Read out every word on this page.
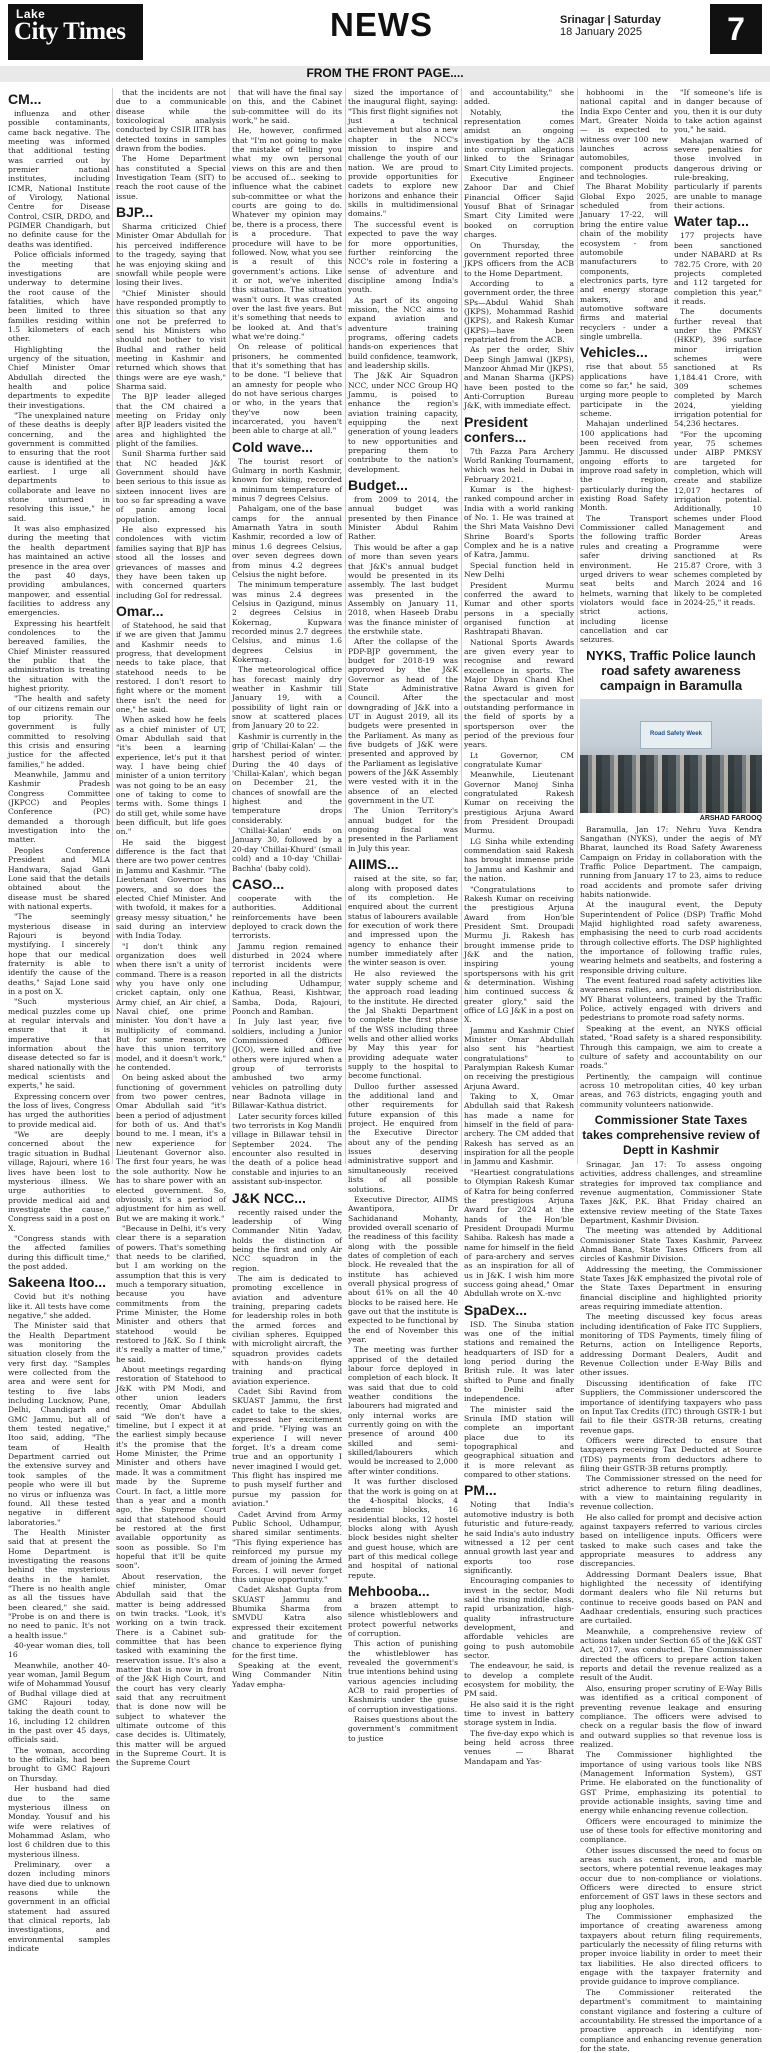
Lake
City Times	NEWS	Srinagar | Saturday
18 January 2025	7
FROM THE FRONT PAGE....
CM...

influenza and other possible contaminants, came back negative. The meeting was informed that additional testing was carried out by premier national institutes, including ICMR, National Institute of Virology, National Centre for Disease Control, CSIR, DRDO, and PGIMER Chandigarh, but no definite cause for the deaths was identified.

Police officials informed the meeting that investigations are underway to determine the root cause of the fatalities, which have been limited to three families residing within 1.5 kilometers of each other.

Highlighting the urgency of the situation, Chief Minister Omar Abdullah directed the health and police departments to expedite their investigations.

"The unexplained nature of these deaths is deeply concerning, and the government is committed to ensuring that the root cause is identified at the earliest. I urge all departments to collaborate and leave no stone unturned in resolving this issue," he said.

It was also emphasized during the meeting that the health department has maintained an active presence in the area over the past 40 days, providing ambulances, manpower, and essential facilities to address any emergencies.

Expressing his heartfelt condolences to the bereaved families, the Chief Minister reassured the public that the administration is treating the situation with the highest priority.

"The health and safety of our citizens remain our top priority. The government is fully committed to resolving this crisis and ensuring justice for the affected families," he added.

Meanwhile, Jammu and Kashmir Pradesh Congress Committee (JKPCC) and Peoples Conference (PC) demanded a thorough investigation into the matter.

Peoples Conference President and MLA Handwara, Sajad Gani Lone said that the details obtained about the disease must be shared with national experts.

"The seemingly mysterious disease in Rajouri is beyond mystifying. I sincerely hope that our medical fraternity is able to identify the cause of the deaths," Sajad Lone said in a post on X.

"Such mysterious medical puzzles come up at regular intervals and ensure that it is imperative that information about the disease detected so far is shared nationally with the medical scientists and experts," he said.

Expressing concern over the loss of lives, Congress has urged the authorities to provide medical aid.

"We are deeply concerned about the tragic situation in Budhal village, Rajouri, where 16 lives have been lost to mysterious illness. We urge authorities to provide medical aid and investigate the cause," Congress said in a post on X.

"Congress stands with the affected families during this difficult time," the post added.

Sakeena Itoo...

Covid but it's nothing like it. All tests have come negative," she added.

The Minister said that the Health Department was monitoring the situation closely from the very first day. "Samples were collected from the area and were sent for testing to five labs including Lucknow, Pune, Delhi, Chandigarh and GMC Jammu, but all of them tested negative," Itoo said, adding, "The team of Health Department carried out the extensive survey and took samples of the people who were ill but no virus or influenza was found. All these tested negative in different laboratories."

The Health Minister said that at present the Home Department is investigating the reasons behind the mysterious deaths in the hamlet. "There is no health angle as all the tissues have been cleared," she said. "Probe is on and there is no need to panic. It's not a health issue."

40-year woman dies, toll 16

Meanwhile, another 40-year woman, Jamil Begum wife of Mohammad Yousuf of Budhal village died at GMC Rajouri today, taking the death count to 16, including 12 children in the past over 45 days, officials said.

The woman, according to the officials, had been brought to GMC Rajouri on Thursday.

Her husband had died due to the same mysterious illness on Monday. Yousuf and his wife were relatives of Mohammad Aslam, who lost 6 children due to this mysterious illness.

Preliminary, over a dozen including minors have died due to unknown reasons while the government in an official statement had assured that clinical reports, lab investigations, and environmental samples indicate

that the incidents are not due to a communicable disease while the toxicological analysis conducted by CSIR IITR has detected toxins in samples drawn from the bodies.

The Home Department has constituted a Special Investigation Team (SIT) to reach the root cause of the issue.

BJP...

Sharma criticized Chief Minister Omar Abdullah for his perceived indifference to the tragedy, saying that he was enjoying skiing and snowfall while people were losing their lives.

"Chief Minister should have responded promptly to this situation so that any one not be preferred to send his Ministers who should not bother to visit Budhal and rather held meeting in Kashmir and returned which shows that things were are eye wash," Sharma said.

The BJP leader alleged that the CM chaired a meeting on Friday only after BJP leaders visited the area and highlighted the plight of the families.

Sunil Sharma further said that NC headed J&K Government should have been serious to this issue as sixteen innocent lives are too so far spreading a wave of panic among local population.

He also expressed his condolences with victim families saying that BJP has stood all the losses and grievances of masses and they have been taken up with concerned quarters including GoI for redressal.

Omar...

of Statehood, he said that if we are given that Jammu and Kashmir needs to progress, that development needs to take place, that statehood needs to be restored. I don't resort to fight where or the moment there isn't the need for one," he said.

When asked how he feels as a chief minister of UT, Omar Abdullah said that "it's been a learning experience, let's put it that way. I have being chief minister of a union territory was not going to be an easy one of taking to come to terms with. Some things I do still get, while some have been difficult, but life goes on."

He said the biggest difference is the fact that there are two power centres in Jammu and Kashmir. "The Lieutenant Governor has powers, and so does the elected Chief Minister. And with twofold, it makes for a greasy messy situation," he said during an interview with India Today.

"I don't think any organization does well when there isn't a unity of command. There is a reason why you have only one cricket captain, only one Army chief, an Air chief, a Naval chief, one prime minister. You don't have a multiplicity of command. But for some reason, we have this union territory model, and it doesn't work," he contended.

On being asked about the functioning of government from two power centres, Omar Abdullah said "it's been a period of adjustment for both of us. And that's bound to me. I mean, it's a new experience for Lieutenant Governor also. The first four years, he was the sole authority. Now he has to share power with an elected government. So, obviously, it's a period of adjustment for him as well. But we are making it work."

"Because in Delhi, it's very clear there is a separation of powers. That's something that needs to be clarified, but I am working on the assumption that this is very much a temporary situation, because you have commitments from the Prime Minister, the Home Minister and others that statehood would be restored to J&K. So I think it's really a matter of time," he said.

About meetings regarding restoration of Statehood to J&K with PM Modi, and other union leaders recently, Omar Abdullah said "We don't have a timeline, but I expect it at the earliest simply because it's the promise that the Home Minister, the Prime Minister and others have made. It was a commitment made by the Supreme Court. In fact, a little more than a year and a month ago, the Supreme Court said that statehood should be restored at the first available opportunity as soon as possible. So I'm hopeful that it'll be quite soon".

About reservation, the chief minister, Omar Abdullah said that the matter is being addressed on twin tracks. "Look, it's working on a twin track. There is a Cabinet sub-committee that has been tasked with examining the reservation issue. It's also a matter that is now in front of the J&K High Court, and the court has very clearly said that any recruitment that is done now will be subject to whatever the ultimate outcome of this case decides is. Ultimately, this matter will be argued in the Supreme Court. It is the Supreme Court

that will have the final say on this, and the Cabinet sub-committee will do its work," he said.

He, however, confirmed that "I'm not going to make the mistake of telling you what my own personal views on this are and then be accused of... seeking to influence what the cabinet sub-committee or what the courts are going to do. Whatever my opinion may be, there is a process, there is a procedure. That procedure will have to be followed. Now, what you see is a result of this government's actions. Like it or not, we've inherited this situation. The situation wasn't ours. It was created over the last five years. But it's something that needs to be looked at. And that's what we're doing."

On release of political prisoners, he commented that it's something that has to be done. "I believe that an amnesty for people who do not have serious charges or who, in the years that they've now been incarcerated, you haven't been able to charge at all."

Cold wave...

The tourist resort of Gulmarg in north Kashmir, known for skiing, recorded a minimum temperature of minus 7 degrees Celsius.

Pahalgam, one of the base camps for the annual Amarnath Yatra in south Kashmir, recorded a low of minus 1.6 degrees Celsius, over seven degrees down from minus 4.2 degrees Celsius the night before.

The minimum temperature was minus 2.4 degrees Celsius in Qazigund, minus 2 degrees Celsius in Kokernag, Kupwara recorded minus 2.7 degrees Celsius, and minus 1.6 degrees Celsius in Kokernag.

The meteorological office has forecast mainly dry weather in Kashmir till January 19, with a possibility of light rain or snow at scattered places from January 20 to 22.

Kashmir is currently in the grip of 'Chillai-Kalan' — the harshest period of winter. During the 40 days of 'Chillai-Kalan', which began on December 21, the chances of snowfall are the highest and the temperature drops considerably.

'Chillai-Kalan' ends on January 30, followed by a 20-day 'Chillai-Khurd' (small cold) and a 10-day 'Chillai-Bachha' (baby cold).

CASO...

cooperate with the authorities. Additional reinforcements have been deployed to crack down the terrorists.

Jammu region remained disturbed in 2024 where terrorist incidents were reported in all the districts including Udhampur, Kathua, Reasi, Kishtwar, Samba, Doda, Rajouri, Poonch and Ramban.

In July last year, five soldiers, including a Junior Commissioned Officer (JCO), were killed and five others were injured when a group of terrorists ambushed two army vehicles on patrolling duty near Badnota village in Billawar-Kathua district.

Later security forces killed two terrorists in Kog Mandli village in Billawar tehsil in September 2024. The encounter also resulted in the death of a police head constable and injuries to an assistant sub-inspector.

J&K NCC...

recently raised under the leadership of Wing Commander Nitin Yadav, holds the distinction of being the first and only Air NCC squadron in the region.

The aim is dedicated to promoting excellence in aviation and adventure training, preparing cadets for leadership roles in both the armed forces and civilian spheres. Equipped with microlight aircraft, the squadron provides cadets with hands-on flying training and practical aviation experience.

Cadet Sibi Ravind from SKUAST Jammu, the first cadet to take to the skies, expressed her excitement and pride. "Flying was an experience I will never forget. It's a dream come true and an opportunity I never imagined I would get. This flight has inspired me to push myself further and pursue my passion for aviation."

Cadet Arvind from Army Public School, Udhampur, shared similar sentiments. "This flying experience has reinforced my pursue my dream of joining the Armed Forces. I will never forget this unique opportunity."

Cadet Akshat Gupta from SKUAST Jammu and Bhumika Sharma from SMVDU Katra also expressed their excitement and gratitude for the chance to experience flying for the first time.

Speaking at the event, Wing Commander Nitin Yadav empha-

sized the importance of the inaugural flight, saying: "This first flight signifies not just a technical achievement but also a new chapter in the NCC's mission to inspire and challenge the youth of our nation. We are proud to provide opportunities for cadets to explore new horizons and enhance their skills in multidimensional domains."

The successful event is expected to pave the way for more opportunities, further reinforcing the NCC's role in fostering a sense of adventure and discipline among India's youth.

As part of its ongoing mission, the NCC aims to expand aviation and adventure training programs, offering cadets hands-on experiences that build confidence, teamwork, and leadership skills.

The J&K Air Squadron NCC, under NCC Group HQ Jammu, is poised to enhance the region's aviation training capacity, equipping the next generation of young leaders to new opportunities and preparing them to contribute to the nation's development.

Budget...

from 2009 to 2014, the annual budget was presented by then Finance Minister Abdul Rahim Rather.

This would be after a gap of more than seven years that J&K's annual budget would be presented in its assembly. The last budget was presented in the Assembly on January 11, 2018, when Haseeb Drabu was the finance minister of the erstwhile state.

After the collapse of the PDP-BJP government, the budget for 2018-19 was approved by the J&K Governor as head of the State Administrative Council. After the downgrading of J&K into a UT in August 2019, all its budgets were presented in the Parliament. As many as five budgets of J&K were presented and approved by the Parliament as legislative powers of the J&K Assembly were vested with it in the absence of an elected government in the UT.

The Union Territory's annual budget for the ongoing fiscal was presented in the Parliament in July this year.

AIIMS...

raised at the site, so far, along with proposed dates of its completion. He enquired about the current status of labourers available for execution of work there and impressed upon the agency to enhance their number immediately after the winter season is over.

He also reviewed the water supply scheme and the approach road leading to the institute. He directed the Jal Shakti Department to complete the first phase of the WSS including three wells and other allied works by May this year for providing adequate water supply to the hospital to become functional.

Dulloo further assessed the additional land and other requirements for future expansion of this project. He enquired from the Executive Director about any of the pending issues deserving administrative support and simultaneously received lists of all possible solutions.

Executive Director, AIIMS Awantipora, Dr Sachidanand Mohanty, provided overall scenario of the readiness of this facility along with the possible dates of completion of each block. He revealed that the institute has achieved overall physical progress of about 61% on all the 40 blocks to be raised here. He gave out that the institute is expected to be functional by the end of November this year.

The meeting was further apprised of the detailed labour force deployed in completion of each block. It was said that due to cold weather conditions the labourers had migrated and only internal works are currently going on with the presence of around 400 skilled and semi-skilled/labourers which would be increased to 2,000 after winter conditions.

It was further disclosed that the work is going on at the 4-hospital blocks, 4 academic blocks, 16 residential blocks, 12 hostel blocks along with Ayush block besides night shelter and guest house, which are part of this medical college and hospital of national repute.

Mehbooba...

a brazen attempt to silence whistleblowers and protect powerful networks of corruption.

This action of punishing the whistleblower has revealed the government's true intentions behind using various agencies including ACB to raid properties of Kashmiris under the guise of corruption investigations.

Raises questions about the government's commitment to justice

and accountability," she added.

Notably, the representation comes amidst an ongoing investigation by the ACB into corruption allegations linked to the Srinagar Smart City Limited projects.

Executive Engineer Zahoor Dar and Chief Financial Officer Sajid Yousuf Bhat of Srinagar Smart City Limited were booked on corruption charges.

On Thursday, the government reported three JKPS officers from the ACB to the Home Department.

According to a government order, the three SPs—Abdul Wahid Shah (JKPS), Mohammad Rashid (JKPS), and Rakesh Kumar (JKPS)—have been repatriated from the ACB.

As per the order, Shiv Deep Singh Jamwal (JKPS), Manzoor Ahmad Mir (JKPS), and Manan Sharma (JKPS) have been posted to the Anti-Corruption Bureau J&K, with immediate effect.

President confers...

7th Fazza Para Archery World Ranking Tournament, which was held in Dubai in February 2021.

Kumar is the highest-ranked compound archer in India with a world ranking of No. 1. He was trained at the Shri Mata Vaishno Devi Shrine Board's Sports Complex and he is a native of Katra, Jammu.

Special function held in New Delhi

President Murmu conferred the award to Kumar and other sports persons in a specially organised function at Rashtrapati Bhavan.

National Sports Awards are given every year to recognise and reward excellence in sports. The Major Dhyan Chand Khel Ratna Award is given for the spectacular and most outstanding performance in the field of sports by a sportsperson over the period of the previous four years.

Lt Governor, CM congratulate Kumar

Meanwhile, Lieutenant Governor Manoj Sinha congratulated Rakesh Kumar on receiving the prestigious Arjuna Award from President Droupadi Murmu.

LG Sinha while extending commendation said Rakesh has brought immense pride to Jammu and Kashmir and the nation.

"Congratulations to Rakesh Kumar on receiving the prestigious Arjuna Award from Hon'ble President Smt. Droupadi Murmu Ji. Rakesh has brought immense pride to J&K and the nation, inspiring young sportspersons with his grit & determination. Wishing him continued success & greater glory," said the office of LG J&K in a post on X.

Jammu and Kashmir Chief Minister Omar Abdullah also sent his "heartiest congratulations" to Paralympian Rakesh Kumar on receiving the prestigious Arjuna Award.

Taking to X, Omar Abdullah said that Rakesh has made a name for himself in the field of para-archery. The CM added that Rakesh has served as an inspiration for all the people in Jammu and Kashmir.

"Heartiest congratulations to Olympian Rakesh Kumar of Katra for being conferred the prestigious Arjuna Award for 2024 at the hands of the Hon'ble President Droupadi Murmu Sahiba. Rakesh has made a name for himself in the field of para-archery and serves as an inspiration for all of us in J&K. I wish him more success going ahead," Omar Abdullah wrote on X.-nvc

SpaDex...

ISD. The Sinuba station was one of the initial stations and remained the headquarters of ISD for a long period during the British rule. It was later shifted to Pune and finally to Delhi after independence.

The minister said the Srinula IMD station will complete an important place due to its topographical and geographical situation and it is more relevant as compared to other stations.

PM...

Noting that India's automotive industry is both futuristic and future-ready, he said India's auto industry witnessed a 12 per cent annual growth last year and exports too rose significantly.

Encouraging companies to invest in the sector, Modi said the rising middle class, rapid urbanization, high-quality infrastructure development, and affordable vehicles are going to push automobile sector.

The endeavour, he said, is to develop a complete ecosystem for mobility, the PM said.

He also said it is the right time to invest in battery storage system in India.

The five-day expo which is being held across three venues — Bharat Mandapam and Yas-

hobhoomi in the national capital and India Expo Center and Mart, Greater Noida — is expected to witness over 100 new launches across automobiles, component products and technologies.

The Bharat Mobility Global Expo 2025, scheduled from January 17-22, will bring the entire value chain of the mobility ecosystem - from automobile manufacturers to components, electronics parts, tyre and energy storage makers, and automotive software firms and material recyclers - under a single umbrella.

Vehicles...

rise that about 55 applications have come so far," he said, urging more people to participate in the scheme.

Mahajan underlined 100 applications had been received from Jammu. He discussed ongoing efforts to improve road safety in the region, particularly during the existing Road Safety Month.

The Transport Commissioner called the following traffic rules and creating a safer driving environment. He urged drivers to wear seat belts and helmets, warning that violators would face strict actions, including license cancellation and car seizures.

"If someone's life is in danger because of you, then it is our duty to take action against you," he said.

Mahajan warned of severe penalties for those involved in dangerous driving or rule-breaking, particularly if parents are unable to manage their actions.

Water tap...

177 projects have been sanctioned under NABARD at Rs 782.75 Crore, with 20 projects completed and 112 targeted for completion this year," it reads.

The documents further reveal that under the PMKSY (HKKP), 396 surface minor irrigation schemes were sanctioned at Rs 1,184.41 Crore, with 309 schemes completed by March 2024, yielding irrigation potential for 54,236 hectares.

"For the upcoming year, 75 schemes under AIBP PMKSY are targeted for completion, which will create and stabilize 12,017 hectares of irrigation potential. Additionally, 10 schemes under Flood Management and Border Areas Programme were sanctioned at Rs 215.87 Crore, with 3 schemes completed by March 2024 and 16 likely to be completed in 2024-25," it reads.

NYKS, Traffic Police launch road safety awareness campaign in Baramulla
Road Safety Week
ARSHAD FAROOQ

Baramulla, Jan 17: Nehru Yuva Kendra Sangathan (NYKS), under the aegis of MY Bharat, launched its Road Safety Awareness Campaign on Friday in collaboration with the Traffic Police Department. The campaign, running from January 17 to 23, aims to reduce road accidents and promote safer driving habits nationwide.

At the inaugural event, the Deputy Superintendent of Police (DSP) Traffic Mohd Majid highlighted road safety awareness, emphasising the need to curb road accidents through collective efforts. The DSP highlighted the importance of following traffic rules, wearing helmets and seatbelts, and fostering a responsible driving culture.

The event featured road safety activities like awareness rallies, and pamphlet distribution. MY Bharat volunteers, trained by the Traffic Police, actively engaged with drivers and pedestrians to promote road safety norms.

Speaking at the event, an NYKS official stated, "Road safety is a shared responsibility. Through this campaign, we aim to create a culture of safety and accountability on our roads."

Pertinently, the campaign will continue across 10 metropolitan cities, 40 key urban areas, and 763 districts, engaging youth and community volunteers nationwide.

Commissioner State Taxes takes comprehensive review of Deptt in Kashmir

Srinagar, Jan 17: To assess ongoing activities, address challenges, and streamline strategies for improved tax compliance and revenue augmentation, Commissioner State Taxes J&K, P.K. Bhat Friday chaired an extensive review meeting of the State Taxes Department, Kashmir Division.

The meeting was attended by Additional Commissioner State Taxes Kashmir, Parveez Ahmad Bana, State Taxes Officers from all circles of Kashmir Division.

Addressing the meeting, the Commissioner State Taxes J&K emphasized the pivotal role of the State Taxes Department in ensuring financial discipline and highlighted priority areas requiring immediate attention.

The meeting discussed key focus areas including identification of Fake ITC Suppliers, monitoring of TDS Payments, timely filing of Returns, action on Intelligence Reports, addressing Dormant Dealers, Audit and Revenue Collection under E-Way Bills and other issues.

Discussing identification of fake ITC Suppliers, the Commissioner underscored the importance of identifying taxpayers who pass on Input Tax Credits (ITC) through GSTR-1 but fail to file their GSTR-3B returns, creating revenue gaps.

Officers were directed to ensure that taxpayers receiving Tax Deducted at Source (TDS) payments from deductors adhere to filing their GSTR-3B returns promptly.

The Commissioner stressed on the need for strict adherence to return filing deadlines, with a view to maintaining regularity in revenue collection.

He also called for prompt and decisive action against taxpayers referred to various circles based on intelligence inputs. Officers were tasked to make such cases and take the appropriate measures to address any discrepancies.

Addressing Dormant Dealers issue, Bhat highlighted the necessity of identifying dormant dealers who file Nil returns but continue to receive goods based on PAN and Aadhaar credentials, ensuring such practices are curtailed.

Meanwhile, a comprehensive review of actions taken under Section 65 of the J&K GST Act, 2017, was conducted. The Commissioner directed the officers to prepare action taken reports and detail the revenue realized as a result of the Audit.

Also, ensuring proper scrutiny of E-Way Bills was identified as a critical component of preventing revenue leakage and ensuring compliance. The officers were advised to check on a regular basis the flow of inward and outward supplies so that revenue loss is realized.

The Commissioner highlighted the importance of using various tools like NBS (Management Information System), GST Prime. He elaborated on the functionality of GST Prime, emphasizing its potential to provide actionable insights, saving time and energy while enhancing revenue collection.

Officers were encouraged to minimize the use of these tools for effective monitoring and compliance.

Other issues discussed the need to focus on areas such as cement, iron, and marble sectors, where potential revenue leakages may occur due to non-compliance or violations. Officers were directed to ensure strict enforcement of GST laws in these sectors and plug any loopholes.

The Commissioner emphasized the importance of creating awareness among taxpayers about return filing requirements, particularly the necessity of filing returns with proper invoice liability in order to meet their tax liabilities. He also directed officers to engage with the taxpayer fraternity and provide guidance to improve compliance.

The Commissioner reiterated the department's commitment to maintaining constant vigilance and fostering a culture of accountability. He stressed the importance of a proactive approach in identifying non-compliance and enhancing revenue generation for the state.
